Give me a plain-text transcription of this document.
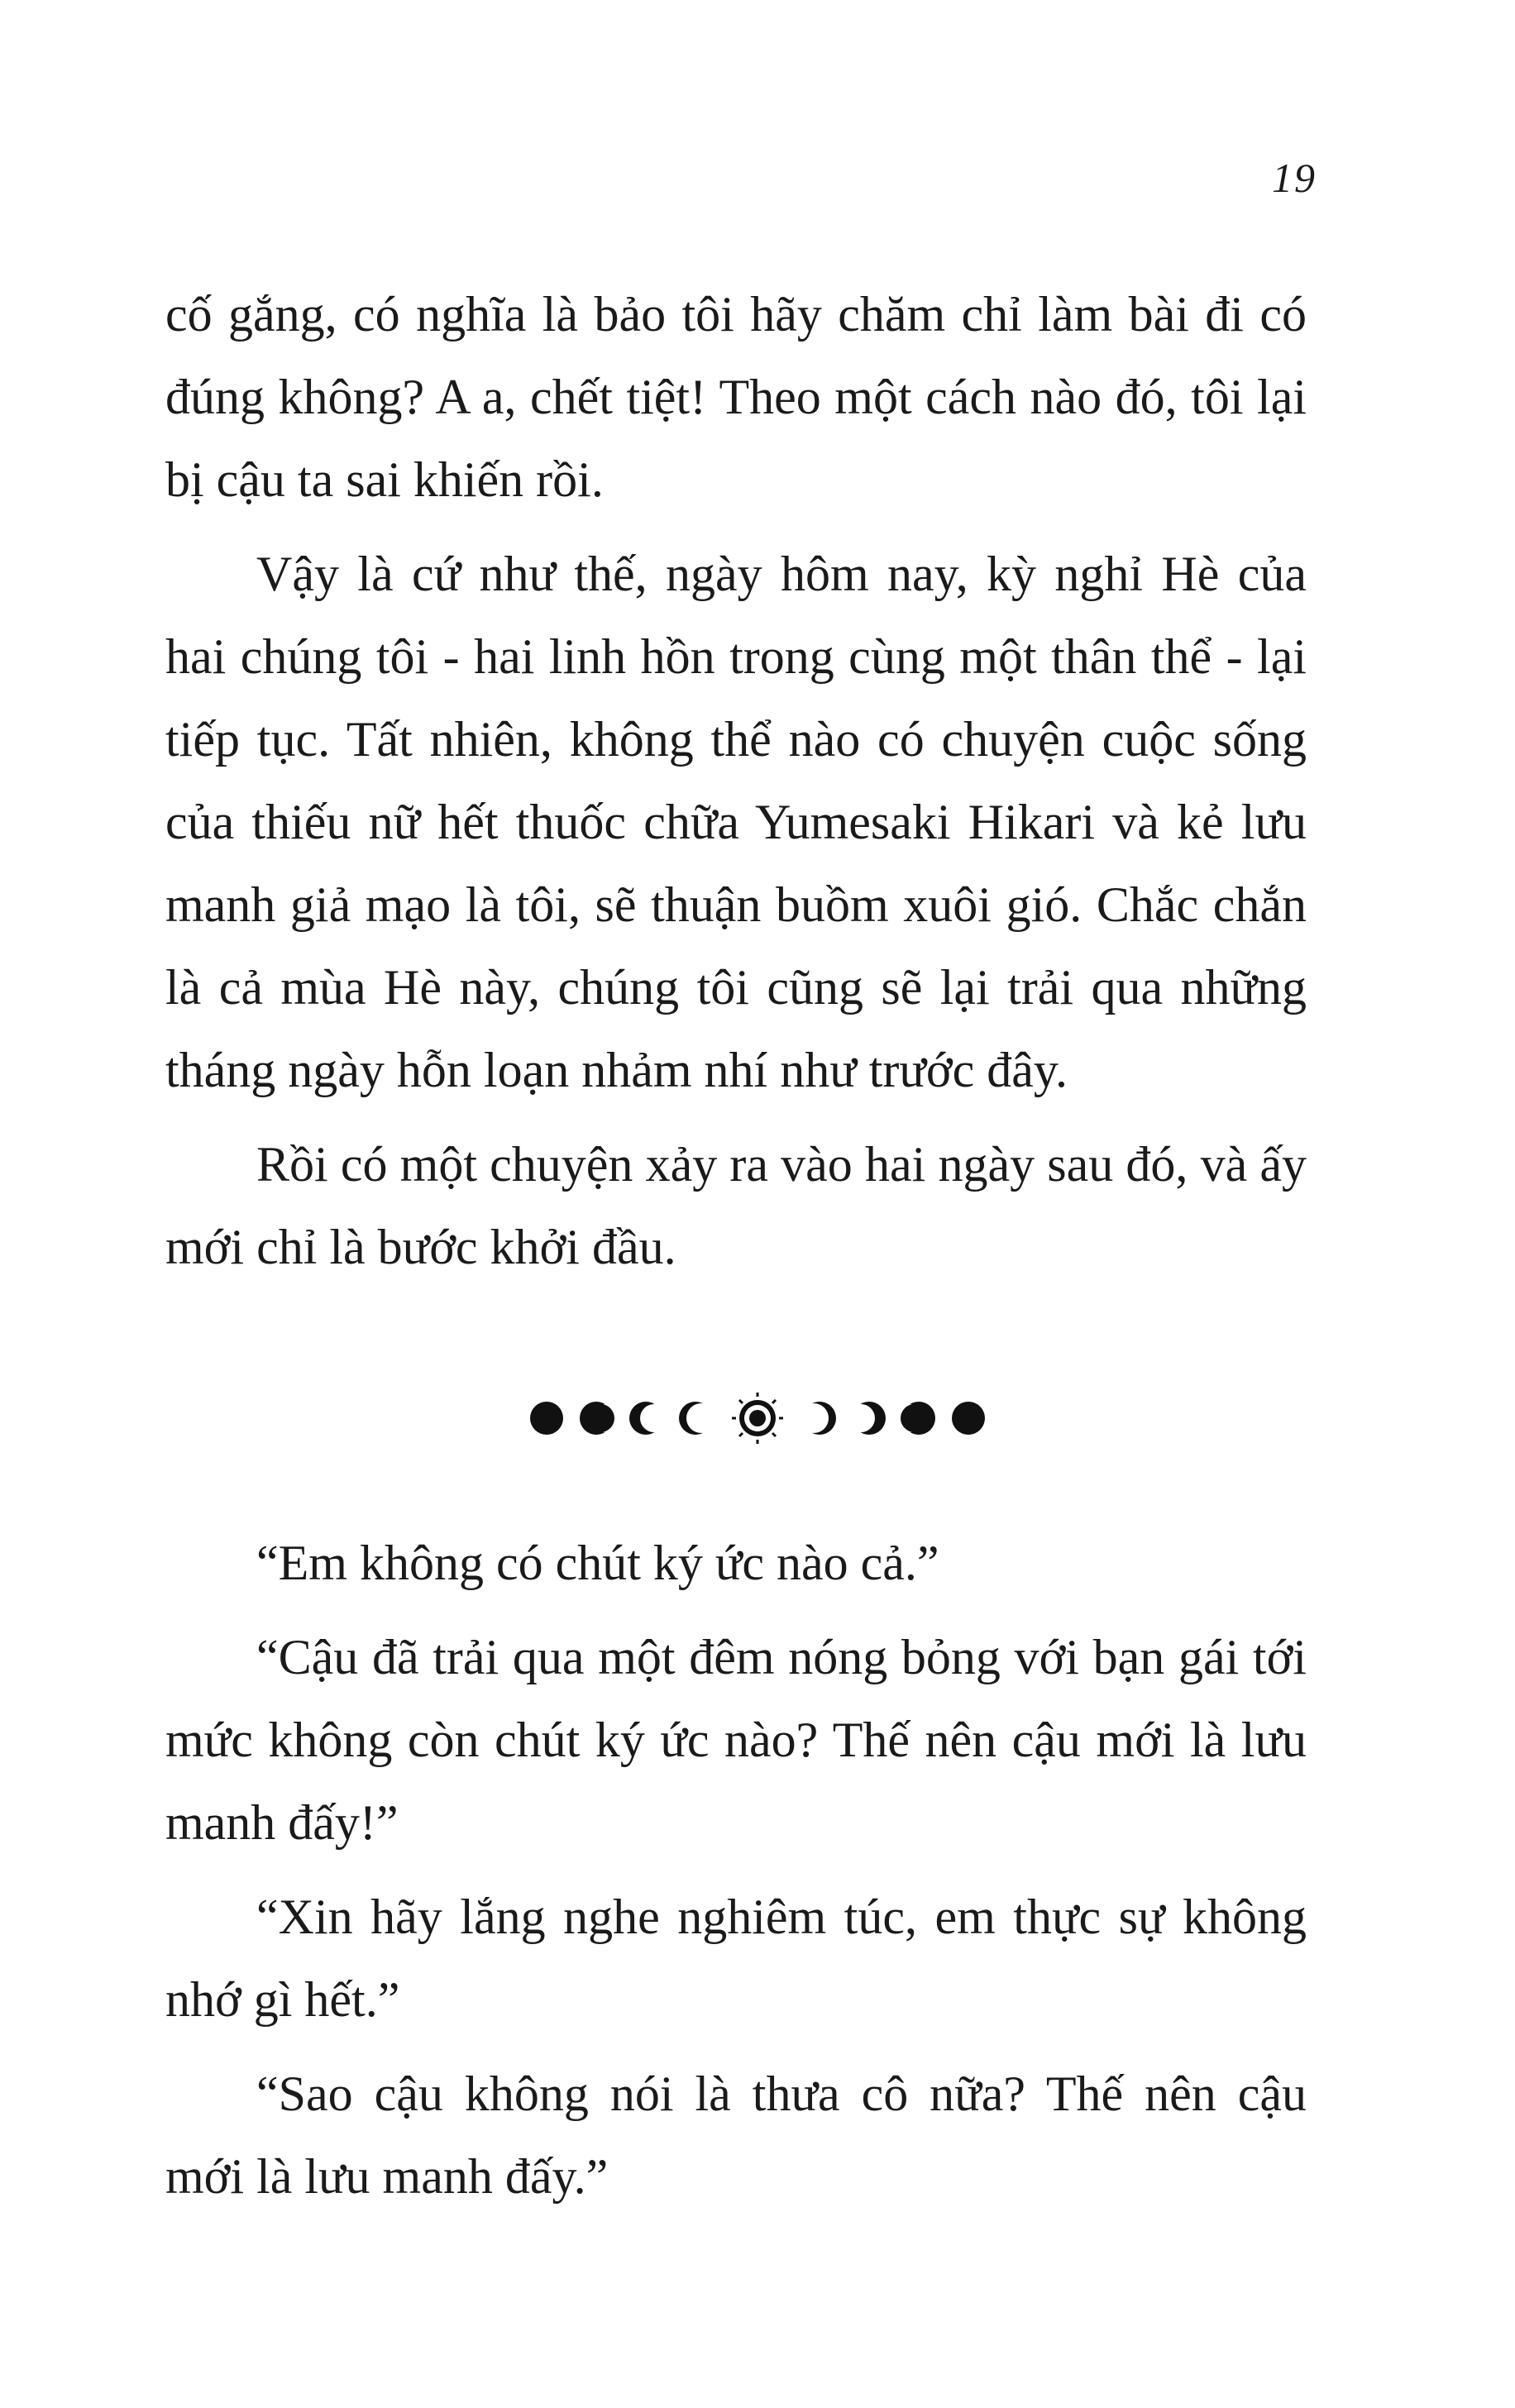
19

cố gắng, có nghĩa là bảo tôi hãy chăm chỉ làm bài đi có đúng không? A a, chết tiệt! Theo một cách nào đó, tôi lại bị cậu ta sai khiến rồi.

Vậy là cứ như thế, ngày hôm nay, kỳ nghỉ Hè của hai chúng tôi - hai linh hồn trong cùng một thân thể - lại tiếp tục. Tất nhiên, không thể nào có chuyện cuộc sống của thiếu nữ hết thuốc chữa Yumesaki Hikari và kẻ lưu manh giả mạo là tôi, sẽ thuận buồm xuôi gió. Chắc chắn là cả mùa Hè này, chúng tôi cũng sẽ lại trải qua những tháng ngày hỗn loạn nhảm nhí như trước đây.

Rồi có một chuyện xảy ra vào hai ngày sau đó, và ấy mới chỉ là bước khởi đầu.

“Em không có chút ký ức nào cả.”

“Cậu đã trải qua một đêm nóng bỏng với bạn gái tới mức không còn chút ký ức nào? Thế nên cậu mới là lưu manh đấy!”

“Xin hãy lắng nghe nghiêm túc, em thực sự không nhớ gì hết.”

“Sao cậu không nói là thưa cô nữa? Thế nên cậu mới là lưu manh đấy.”
